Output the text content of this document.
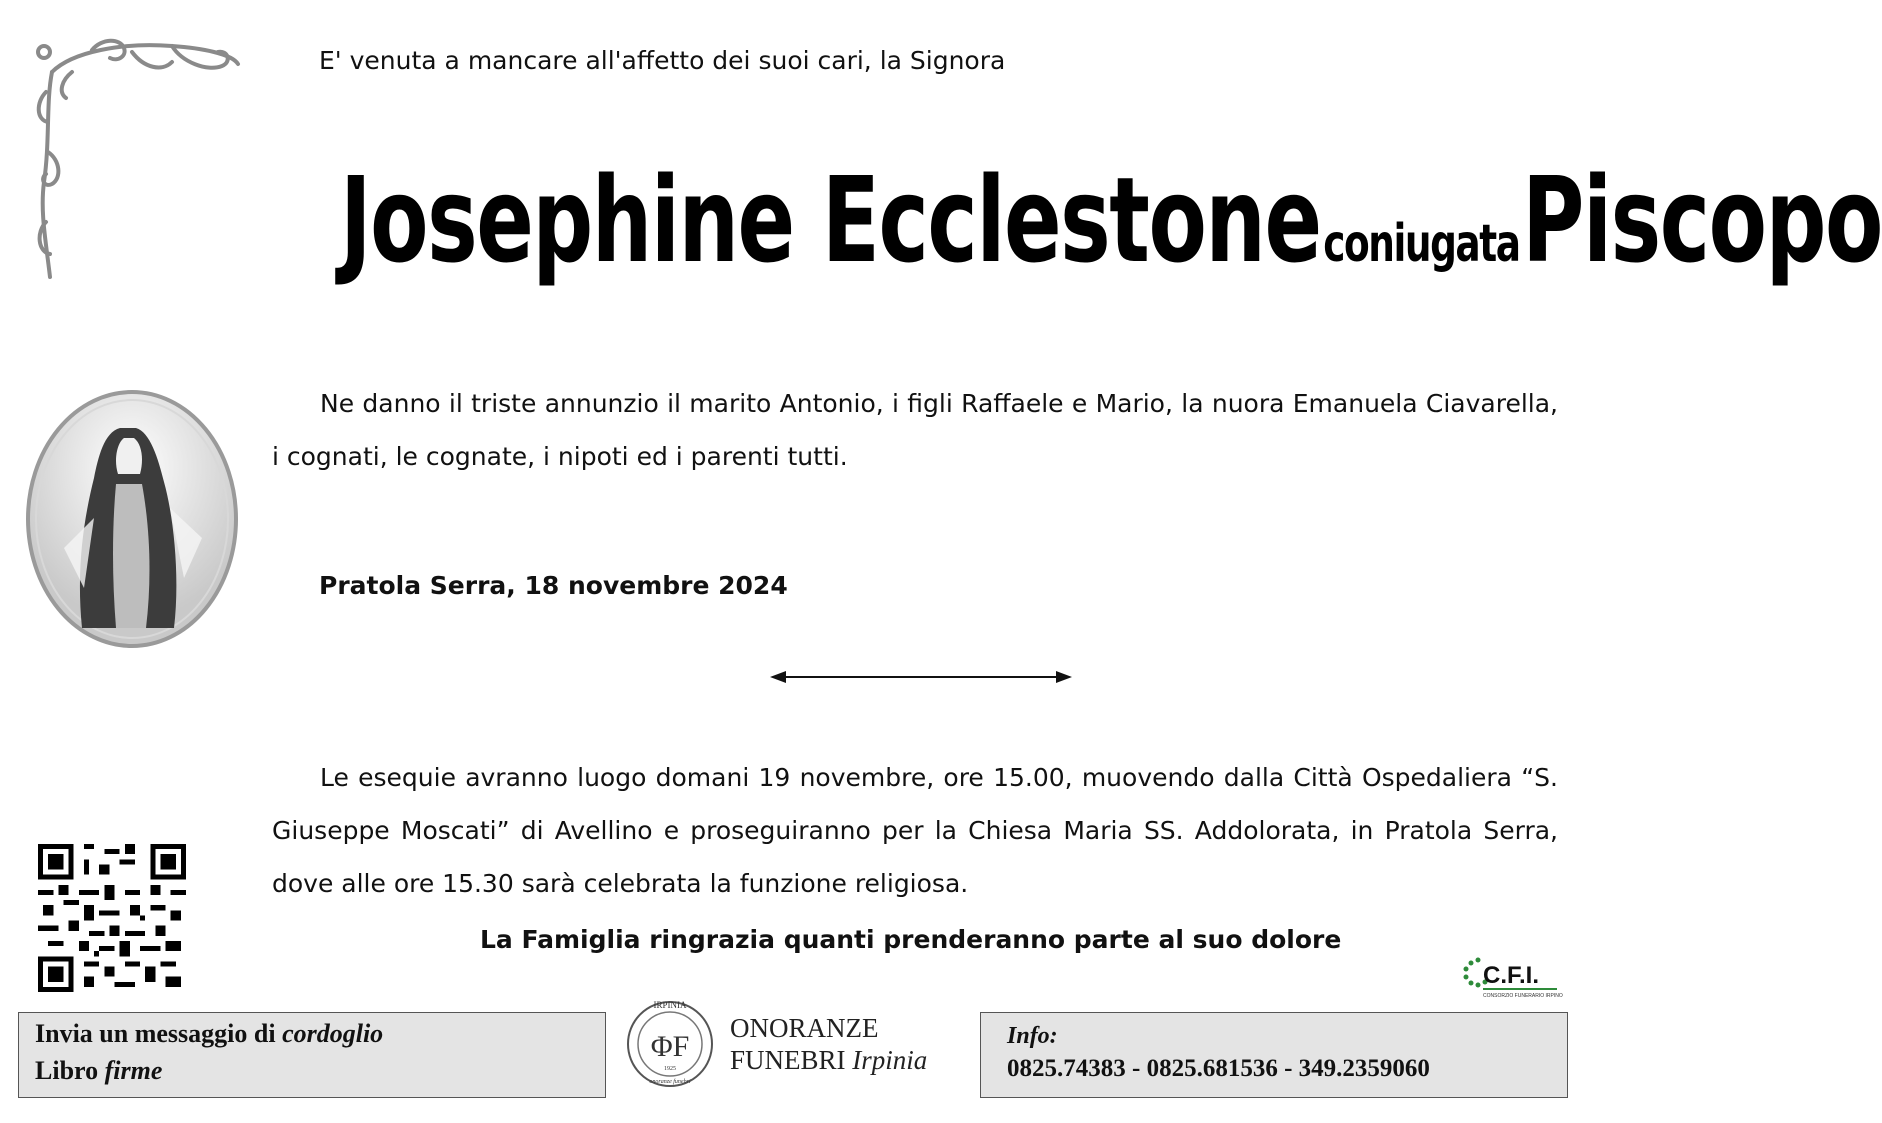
E' venuta a mancare all'affetto dei suoi cari, la Signora
Josephine Ecclestone coniugata Piscopo
Ne danno il triste annunzio il marito Antonio, i figli Raffaele e Mario, la nuora Emanuela Ciavarella, i cognati, le cognate, i nipoti ed i parenti tutti.
Pratola Serra, 18 novembre 2024
Le esequie avranno luogo domani 19 novembre, ore 15.00, muovendo dalla Città Ospedaliera “S. Giuseppe Moscati” di Avellino e proseguiranno per la Chiesa Maria SS. Addolorata, in Pratola Serra, dove alle ore 15.30 sarà celebrata la funzione religiosa.
La Famiglia ringrazia quanti prenderanno parte al suo dolore
C.F.I.
CONSORZIO FUNERARIO IRPINO
Invia un messaggio di cordoglio
Libro firme
IRPINIA
ΦF
1925
onoranze funebri
ONORANZE
FUNEBRI Irpinia
Info:
0825.74383 - 0825.681536 - 349.2359060
